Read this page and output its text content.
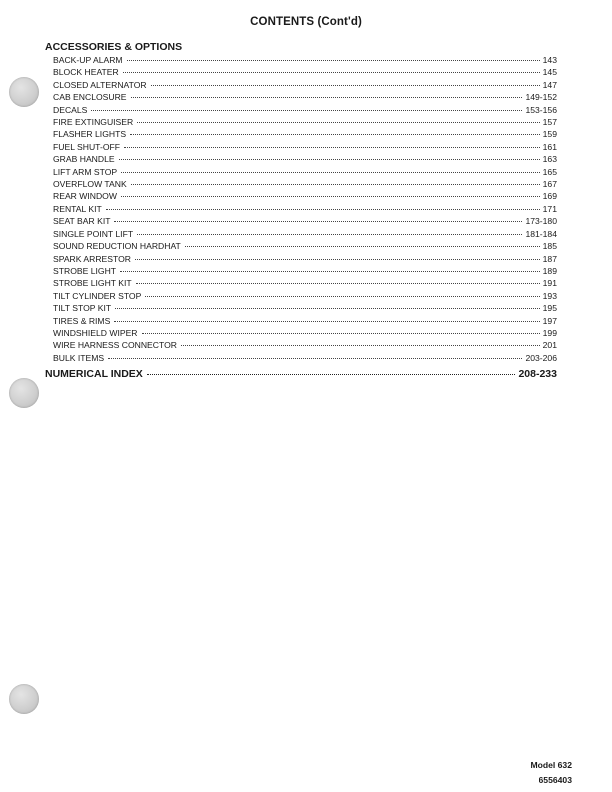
CONTENTS (Cont'd)
ACCESSORIES & OPTIONS
BACK-UP ALARM	143
BLOCK HEATER	145
CLOSED ALTERNATOR	147
CAB ENCLOSURE	149-152
DECALS	153-156
FIRE EXTINGUISER	157
FLASHER LIGHTS	159
FUEL SHUT-OFF	161
GRAB HANDLE	163
LIFT ARM STOP	165
OVERFLOW TANK	167
REAR WINDOW	169
RENTAL KIT	171
SEAT BAR KIT	173-180
SINGLE POINT LIFT	181-184
SOUND REDUCTION HARDHAT	185
SPARK ARRESTOR	187
STROBE LIGHT	189
STROBE LIGHT KIT	191
TILT CYLINDER STOP	193
TILT STOP KIT	195
TIRES & RIMS	197
WINDSHIELD WIPER	199
WIRE HARNESS CONNECTOR	201
BULK ITEMS	203-206
NUMERICAL INDEX	208-233
Model 632
6556403
